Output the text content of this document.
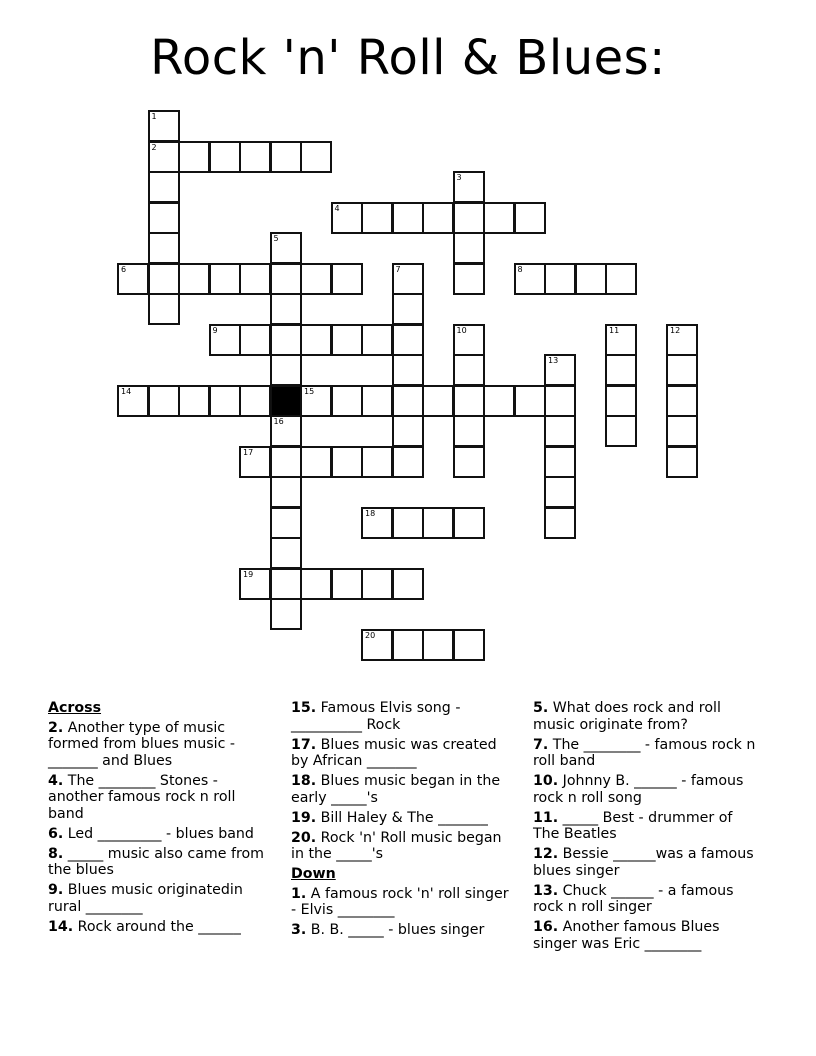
Rock 'n' Roll & Blues:
1
2
3
4
5
6	7	8
9	10	11	12
13
14	15
16
17
18
19
20
Across
2. Another type of music formed from blues music - _______ and Blues
4. The ________ Stones - another famous rock n roll band
6. Led _________ - blues band
8. _____ music also came from the blues
9. Blues music originatedin rural ________
14. Rock around the ______
15. Famous Elvis song - __________ Rock
17. Blues music was created by African _______
18. Blues music began in the early _____'s
19. Bill Haley & The _______
20. Rock 'n' Roll music began in the _____'s
Down
1. A famous rock 'n' roll singer - Elvis ________
3. B. B. _____ - blues singer
5. What does rock and roll music originate from?
7. The ________ - famous rock n roll band
10. Johnny B. ______ - famous rock n roll song
11. _____ Best - drummer of The Beatles
12. Bessie ______was a famous blues singer
13. Chuck ______ - a famous rock n roll singer
16. Another famous Blues singer was Eric ________
